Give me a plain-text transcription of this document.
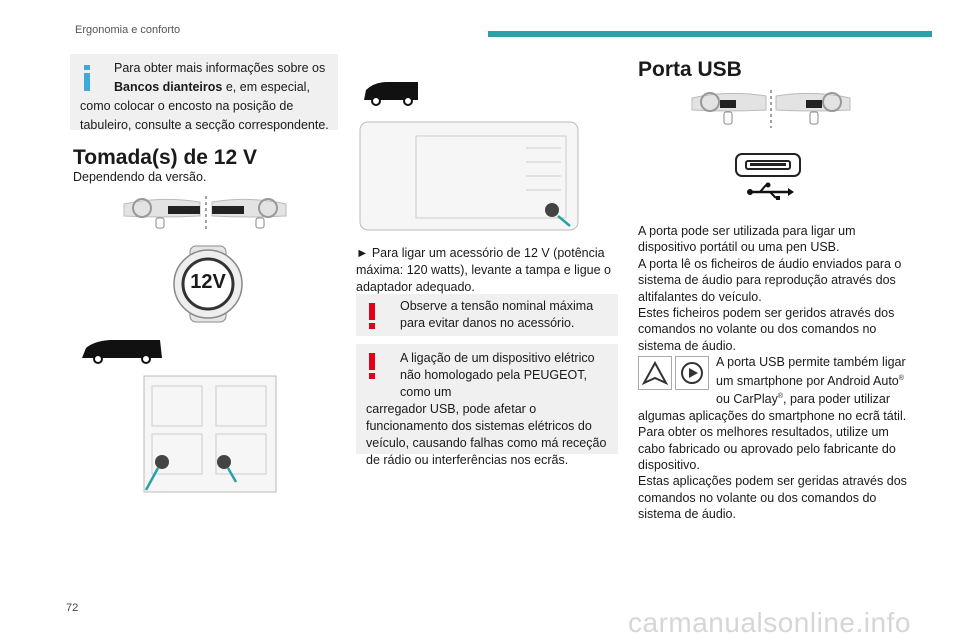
Ergonomia e conforto

Para obter mais informações sobre os

Bancos dianteiros

e, em especial, como colocar o encosto na posição de tabuleiro, consulte a secção correspondente.
Tomada(s) de 12 V
Dependendo da versão.
12V

► Para ligar um acessório de 12 V (potência máxima: 120 watts), levante a tampa e ligue o adaptador adequado.

Observe a tensão nominal máxima para evitar danos no acessório.

A ligação de um dispositivo elétrico não homologado pela PEUGEOT, como um

carregador USB, pode afetar o funcionamento dos sistemas elétricos do veículo, causando falhas como má receção de rádio ou interferências nos ecrãs.

Porta USB

A porta pode ser utilizada para ligar um dispositivo portátil ou uma pen USB.

A porta lê os ficheiros de áudio enviados para o sistema de áudio para reprodução através dos altifalantes do veículo.

Estes ficheiros podem ser geridos através dos comandos no volante ou dos comandos no sistema de áudio.

A porta USB permite também ligar um smartphone por Android Auto® ou CarPlay®, para poder utilizar algumas aplicações do smartphone no ecrã tátil.

Para obter os melhores resultados, utilize um cabo fabricado ou aprovado pelo fabricante do dispositivo.

Estas aplicações podem ser geridas através dos comandos no volante ou dos comandos do sistema de áudio.

72	carmanualsonline.info
